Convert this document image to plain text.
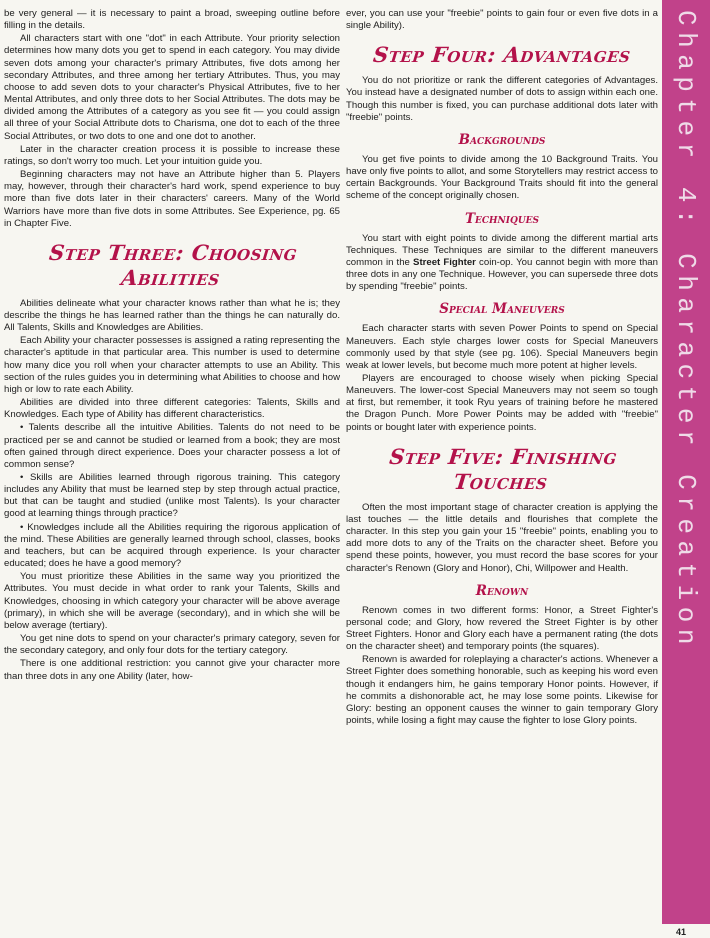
be very general — it is necessary to paint a broad, sweeping outline before filling in the details.

All characters start with one "dot" in each Attribute. Your priority selection determines how many dots you get to spend in each category. You may divide seven dots among your character's primary Attributes, five dots among her secondary Attributes, and three among her tertiary Attributes. Thus, you may choose to add seven dots to your character's Physical Attributes, five to her Mental Attributes, and only three dots to her Social Attributes. The dots may be divided among the Attributes of a category as you see fit — you could assign all three of your Social Attribute dots to Charisma, one dot to each of the three Social Attributes, or two dots to one and one dot to another.

Later in the character creation process it is possible to increase these ratings, so don't worry too much. Let your intuition guide you.

Beginning characters may not have an Attribute higher than 5. Players may, however, through their character's hard work, spend experience to buy more than five dots later in their characters' careers. Many of the World Warriors have more than five dots in some Attributes. See Experience, pg. 65 in Chapter Five.

Step Three: Choosing Abilities

Abilities delineate what your character knows rather than what he is; they describe the things he has learned rather than the things he can naturally do. All Talents, Skills and Knowledges are Abilities.

Each Ability your character possesses is assigned a rating representing the character's aptitude in that particular area. This number is used to determine how many dice you roll when your character attempts to use an Ability. This section of the rules guides you in determining what Abilities to choose and how high or low to rate each Ability.

Abilities are divided into three different categories: Talents, Skills and Knowledges. Each type of Ability has different characteristics.

• Talents describe all the intuitive Abilities. Talents do not need to be practiced per se and cannot be studied or learned from a book; they are most often gained through direct experience. Does your character possess a lot of common sense?

• Skills are Abilities learned through rigorous training. This category includes any Ability that must be learned step by step through actual practice, but that can be taught and studied (unlike most Talents). Is your character good at learning things through practice?

• Knowledges include all the Abilities requiring the rigorous application of the mind. These Abilities are generally learned through school, classes, books and teachers, but can be acquired through experience. Is your character educated; does he have a good memory?

You must prioritize these Abilities in the same way you prioritized the Attributes. You must decide in what order to rank your Talents, Skills and Knowledges, choosing in which category your character will be above average (primary), in which she will be average (secondary), and in which she will be below average (tertiary).

You get nine dots to spend on your character's primary category, seven for the secondary category, and only four dots for the tertiary category.

There is one additional restriction: you cannot give your character more than three dots in any one Ability (later, how-

ever, you can use your "freebie" points to gain four or even five dots in a single Ability).

Step Four: Advantages

You do not prioritize or rank the different categories of Advantages. You instead have a designated number of dots to assign within each one. Though this number is fixed, you can purchase additional dots later with "freebie" points.

Backgrounds

You get five points to divide among the 10 Background Traits. You have only five points to allot, and some Storytellers may restrict access to certain Backgrounds. Your Background Traits should fit into the general scheme of the concept originally chosen.

Techniques

You start with eight points to divide among the different martial arts Techniques. These Techniques are similar to the different maneuvers common in the Street Fighter coin-op. You cannot begin with more than three dots in any one Technique. However, you can supersede three dots by spending "freebie" points.

Special Maneuvers

Each character starts with seven Power Points to spend on Special Maneuvers. Each style charges lower costs for Special Maneuvers commonly used by that style (see pg. 106). Special Maneuvers begin weak at lower levels, but become much more potent at higher levels.

Players are encouraged to choose wisely when picking Special Maneuvers. The lower-cost Special Maneuvers may not seem so tough at first, but remember, it took Ryu years of training before he mastered the Dragon Punch. More Power Points may be added with "freebie" points or bought later with experience points.

Step Five: Finishing Touches

Often the most important stage of character creation is applying the last touches — the little details and flourishes that complete the character. In this step you gain your 15 "freebie" points, enabling you to add more dots to any of the Traits on the character sheet. Before you spend these points, however, you must record the base scores for your character's Renown (Glory and Honor), Chi, Willpower and Health.

Renown

Renown comes in two different forms: Honor, a Street Fighter's personal code; and Glory, how revered the Street Fighter is by other Street Fighters. Honor and Glory each have a permanent rating (the dots on the character sheet) and temporary points (the squares).

Renown is awarded for roleplaying a character's actions. Whenever a Street Fighter does something honorable, such as keeping his word even though it endangers him, he gains temporary Honor points. However, if he commits a dishonorable act, he may lose some points. Likewise for Glory: besting an opponent causes the winner to gain temporary Glory points, while losing a fight may cause the fighter to lose Glory points.

Chapter 4: Character Creation
41
